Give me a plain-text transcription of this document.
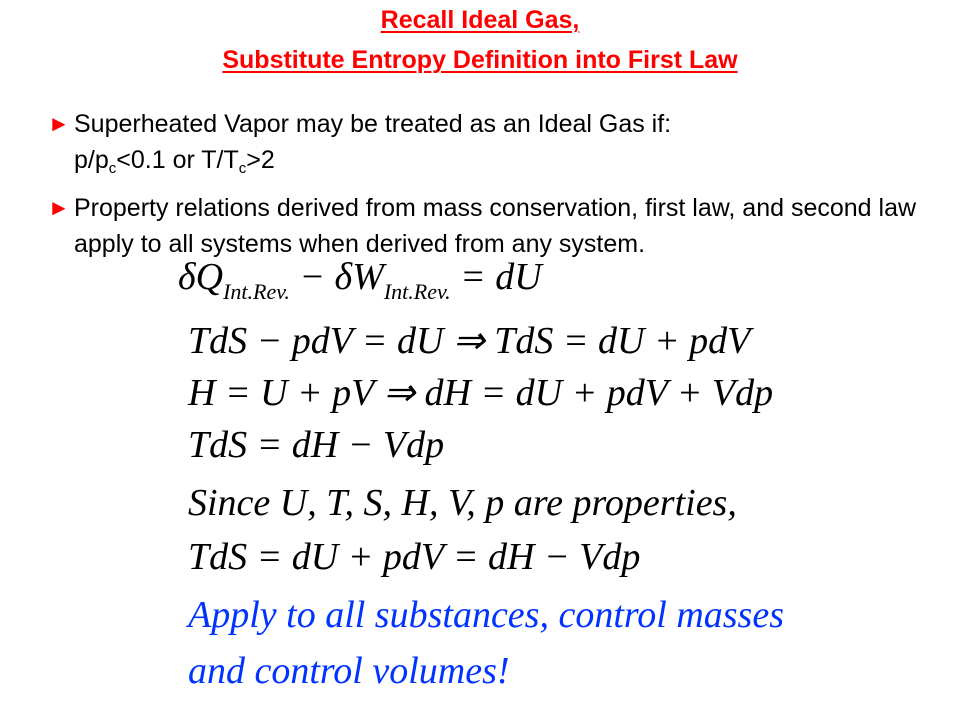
Recall Ideal Gas,
Substitute Entropy Definition into First Law
► Superheated Vapor may be treated as an Ideal Gas if:
$p/p_c<0.1$ or $T/T_c>2$
► Property relations derived from mass conservation, first law, and second law apply to all systems when derived from any system.
$\delta Q_{Int.Rev.} - \delta W_{Int.Rev.}$ = dU
TdS − pdV = dU ⇒ TdS = dU + pdV
H = U + pV ⇒ dH = dU + pdV + Vdp
TdS = dH − Vdp
Since U, T, S, H, V, p are properties,
TdS = dU + pdV = dH − Vdp
Apply to all substances, control masses
and control volumes!
